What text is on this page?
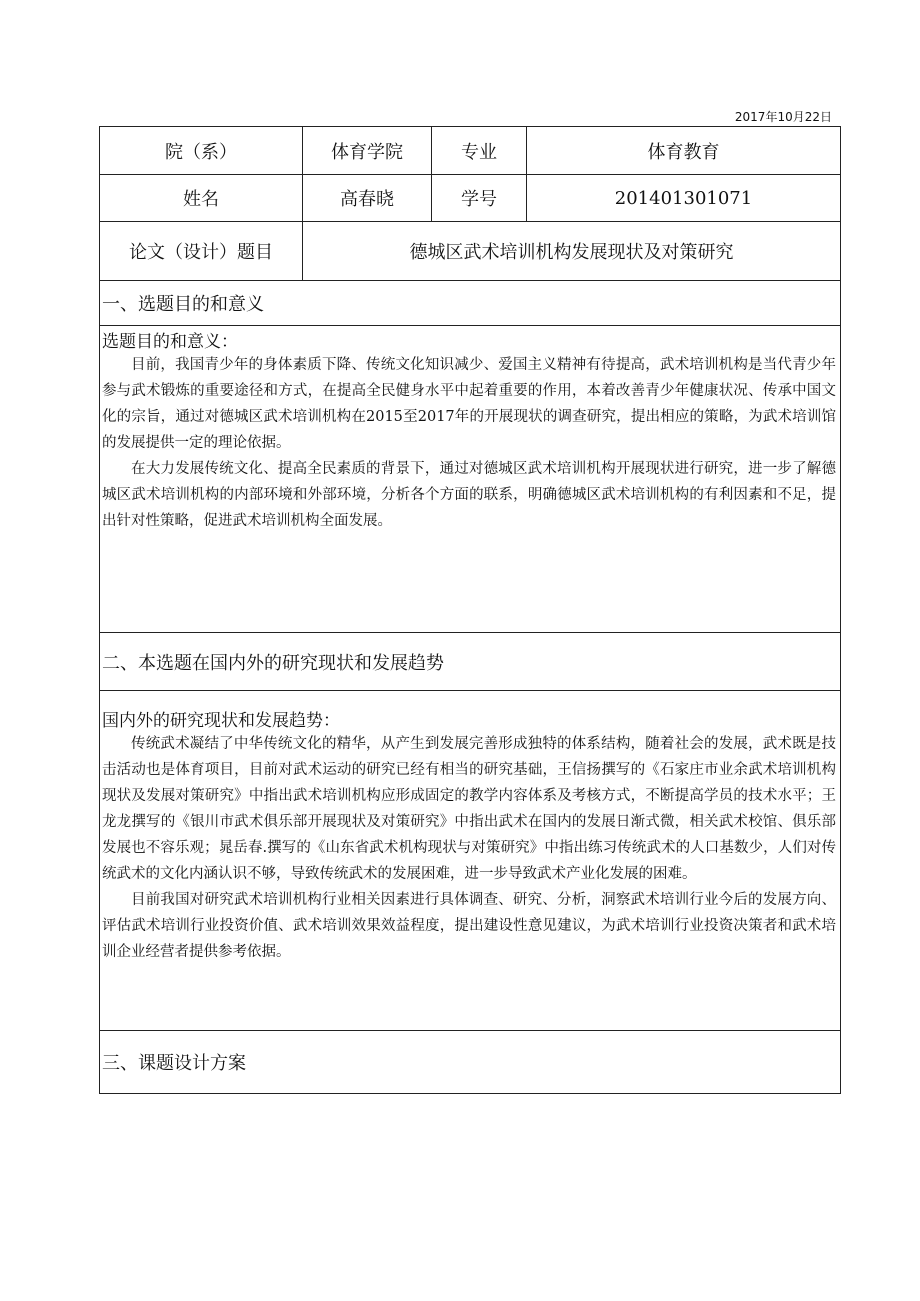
2017年10月22日
院（系）	体育学院	专业	体育教育
姓名	高春晓	学号	201401301071
论文（设计）题目	德城区武术培训机构发展现状及对策研究		
一、选题目的和意义			

选题目的和意义：

目前，我国青少年的身体素质下降、传统文化知识减少、爱国主义精神有待提高，武术培训机构是当代青少年参与武术锻炼的重要途径和方式，在提高全民健身水平中起着重要的作用，本着改善青少年健康状况、传承中国文化的宗旨，通过对德城区武术培训机构在2015至2017年的开展现状的调查研究，提出相应的策略，为武术培训馆的发展提供一定的理论依据。

在大力发展传统文化、提高全民素质的背景下，通过对德城区武术培训机构开展现状进行研究，进一步了解德城区武术培训机构的内部环境和外部环境，分析各个方面的联系，明确德城区武术培训机构的有利因素和不足，提出针对性策略，促进武术培训机构全面发展。			

二、本选题在国内外的研究现状和发展趋势			

国内外的研究现状和发展趋势：

传统武术凝结了中华传统文化的精华，从产生到发展完善形成独特的体系结构，随着社会的发展，武术既是技击活动也是体育项目，目前对武术运动的研究已经有相当的研究基础，王信扬撰写的《石家庄市业余武术培训机构现状及发展对策研究》中指出武术培训机构应形成固定的教学内容体系及考核方式，不断提高学员的技术水平；王龙龙撰写的《银川市武术俱乐部开展现状及对策研究》中指出武术在国内的发展日渐式微，相关武术校馆、俱乐部发展也不容乐观；晁岳春.撰写的《山东省武术机构现状与对策研究》中指出练习传统武术的人口基数少，人们对传统武术的文化内涵认识不够，导致传统武术的发展困难，进一步导致武术产业化发展的困难。

目前我国对研究武术培训机构行业相关因素进行具体调查、研究、分析，洞察武术培训行业今后的发展方向、评估武术培训行业投资价值、武术培训效果效益程度，提出建设性意见建议，为武术培训行业投资决策者和武术培训企业经营者提供参考依据。			

三、课题设计方案			
